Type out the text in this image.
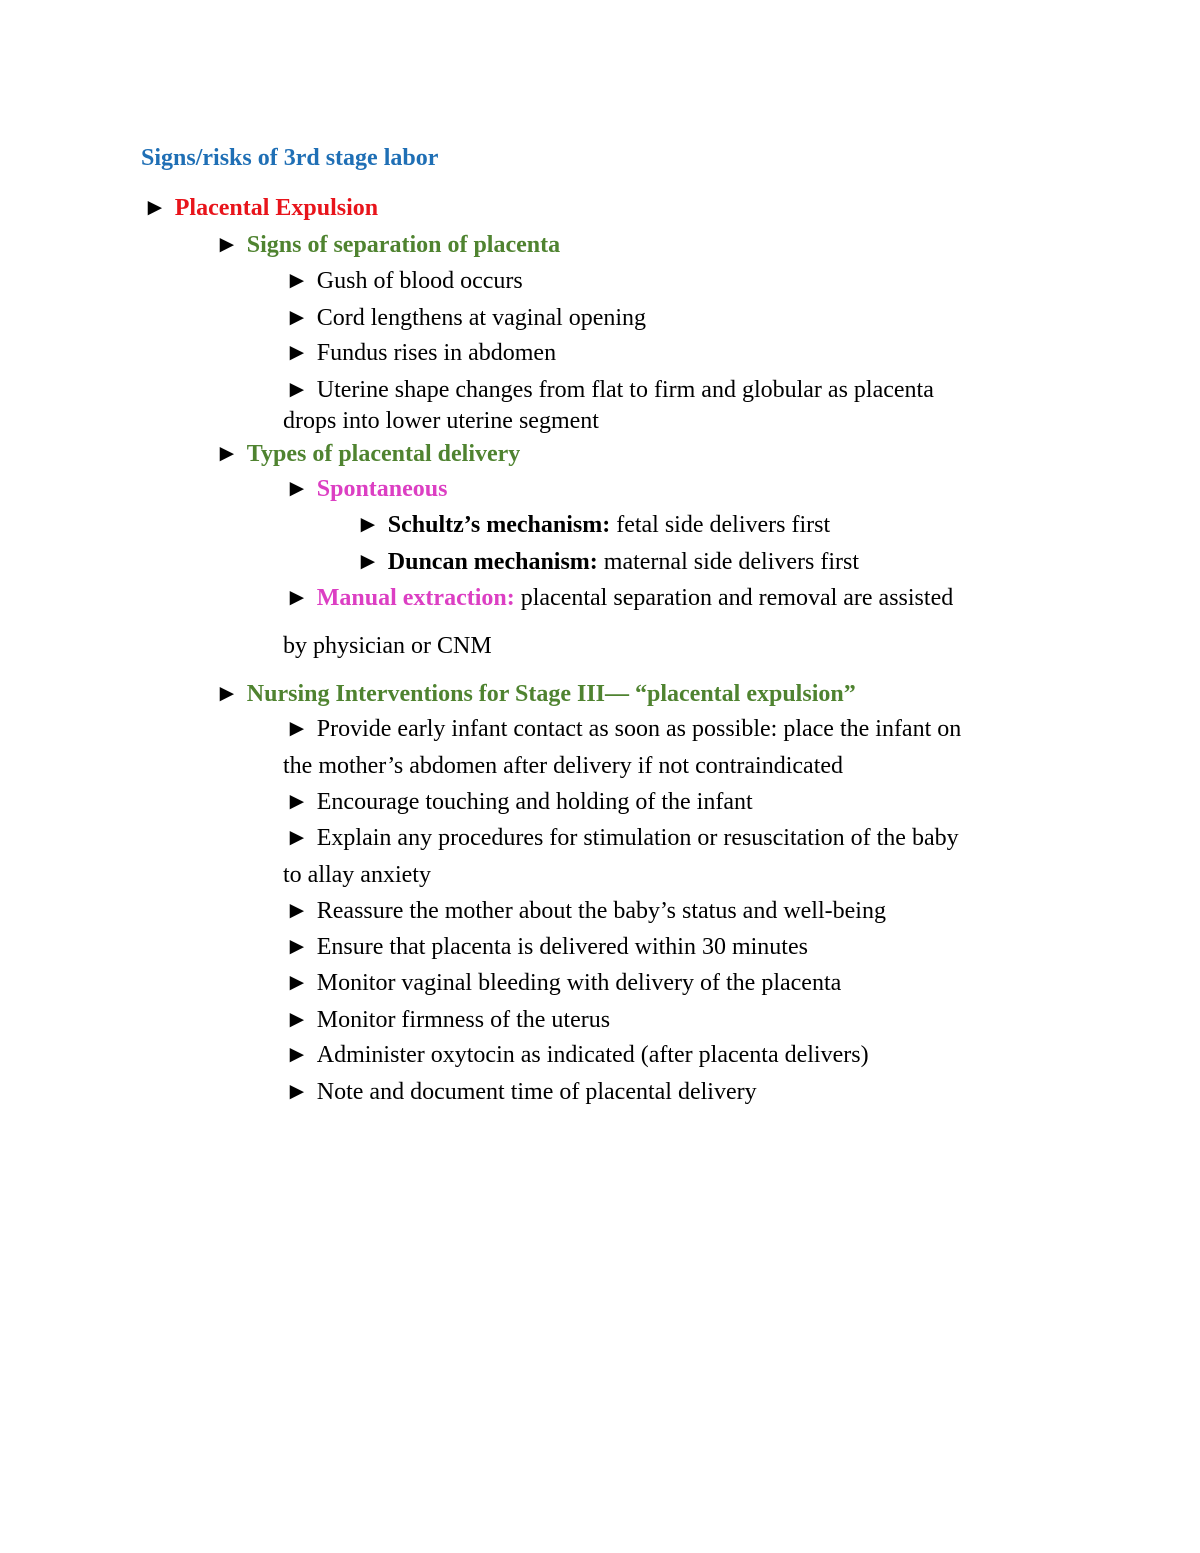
Signs/risks of 3rd stage labor
► Placental Expulsion
► Signs of separation of placenta
► Gush of blood occurs
► Cord lengthens at vaginal opening
► Fundus rises in abdomen
► Uterine shape changes from flat to firm and globular as placenta
drops into lower uterine segment
► Types of placental delivery
► Spontaneous
► Schultz’s mechanism: fetal side delivers first
► Duncan mechanism: maternal side delivers first
► Manual extraction: placental separation and removal are assisted
by physician or CNM
► Nursing Interventions for Stage III— “placental expulsion”
► Provide early infant contact as soon as possible: place the infant on
the mother’s abdomen after delivery if not contraindicated
► Encourage touching and holding of the infant
► Explain any procedures for stimulation or resuscitation of the baby
to allay anxiety
► Reassure the mother about the baby’s status and well-being
► Ensure that placenta is delivered within 30 minutes
► Monitor vaginal bleeding with delivery of the placenta
► Monitor firmness of the uterus
► Administer oxytocin as indicated (after placenta delivers)
► Note and document time of placental delivery
